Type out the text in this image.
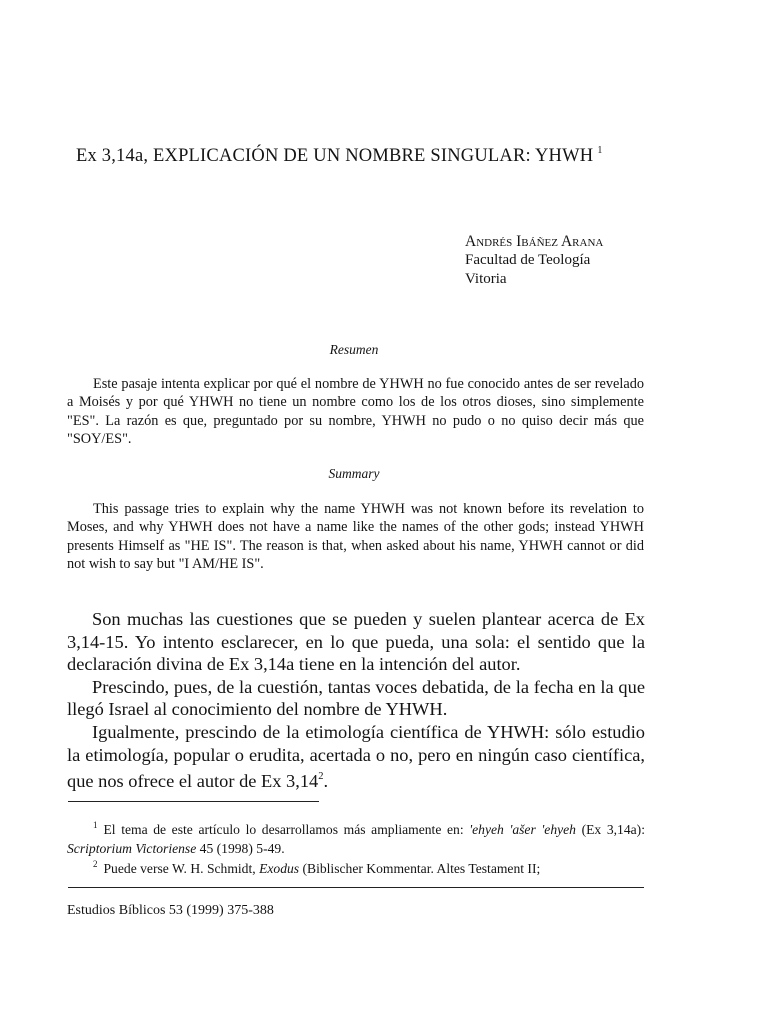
Ex 3,14a, EXPLICACIÓN DE UN NOMBRE SINGULAR: YHWH $^1$
Andrés Ibáñez Arana
Facultad de Teología
Vitoria
Resumen

Este pasaje intenta explicar por qué el nombre de YHWH no fue conocido antes de ser revelado a Moisés y por qué YHWH no tiene un nombre como los de los otros dioses, sino simplemente "ES". La razón es que, preguntado por su nombre, YHWH no pudo o no quiso decir más que "SOY/ES".

Summary

This passage tries to explain why the name YHWH was not known before its revelation to Moses, and why YHWH does not have a name like the names of the other gods; instead YHWH presents Himself as "HE IS". The reason is that, when asked about his name, YHWH cannot or did not wish to say but "I AM/HE IS".

Son muchas las cuestiones que se pueden y suelen plantear acerca de Ex 3,14-15. Yo intento esclarecer, en lo que pueda, una sola: el sentido que la declaración divina de Ex 3,14a tiene en la intención del autor.

Prescindo, pues, de la cuestión, tantas voces debatida, de la fecha en la que llegó Israel al conocimiento del nombre de YHWH.

Igualmente, prescindo de la etimología científica de YHWH: sólo estudio la etimología, popular o erudita, acertada o no, pero en ningún caso científica, que nos ofrece el autor de Ex 3,14$^2$.

$^1$ El tema de este artículo lo desarrollamos más ampliamente en: 'ehyeh 'ašer 'ehyeh (Ex 3,14a): Scriptorium Victoriense 45 (1998) 5-49.

$^2$ Puede verse W. H. Schmidt, Exodus (Biblischer Kommentar. Altes Testament II;

Estudios Bíblicos 53 (1999) 375-388
